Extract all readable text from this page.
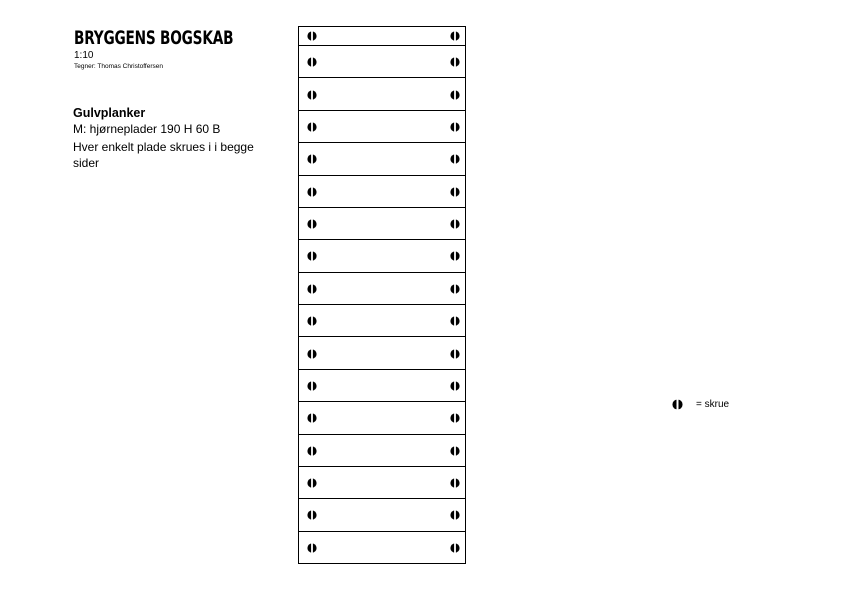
BRYGGENS BOGSKAB
1:10
Tegner: Thomas Christoffersen
Gulvplanker
M: hjørneplader 190 H 60 B
Hver enkelt plade skrues i i begge
sider
= skrue
